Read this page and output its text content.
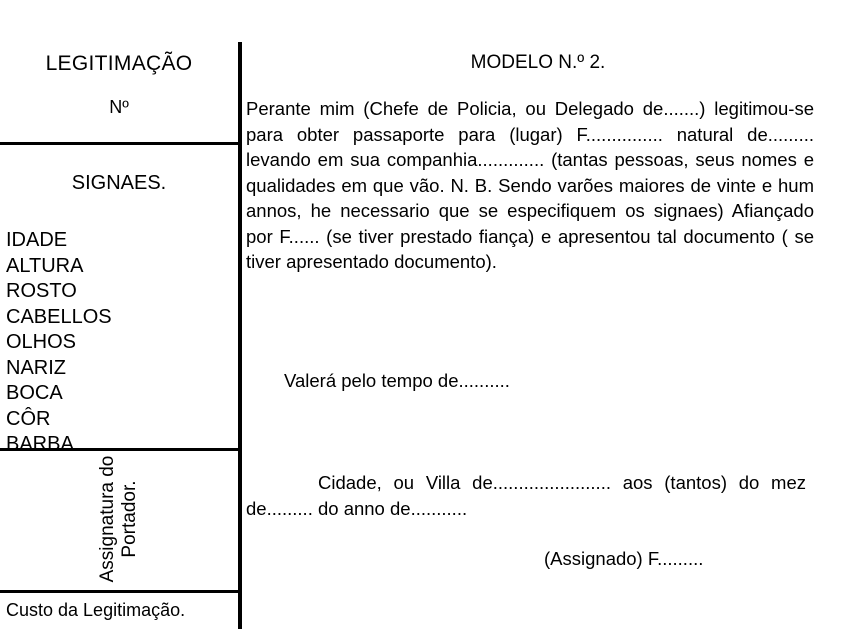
LEGITIMAÇÃO
Nº
SIGNAES.
IDADE
ALTURA
ROSTO
CABELLOS
OLHOS
NARIZ
BOCA
CÔR
BARBA
Assignatura do Portador.
Custo da Legitimação.
MODELO N.º 2.
Perante mim (Chefe de Policia, ou Delegado de.......) legitimou-se para obter passaporte para (lugar) F............... natural de......... levando em sua companhia............. (tantas pessoas, seus nomes e qualidades em que vão. N. B. Sendo varões maiores de vinte e hum annos, he necessario que se especifiquem os signaes) Afiançado por F...... (se tiver prestado fiança) e apresentou tal documento ( se tiver apresentado documento).
Valerá pelo tempo de..........
Cidade, ou Villa de....................... aos (tantos) do mez de......... do anno de...........
(Assignado) F.........
